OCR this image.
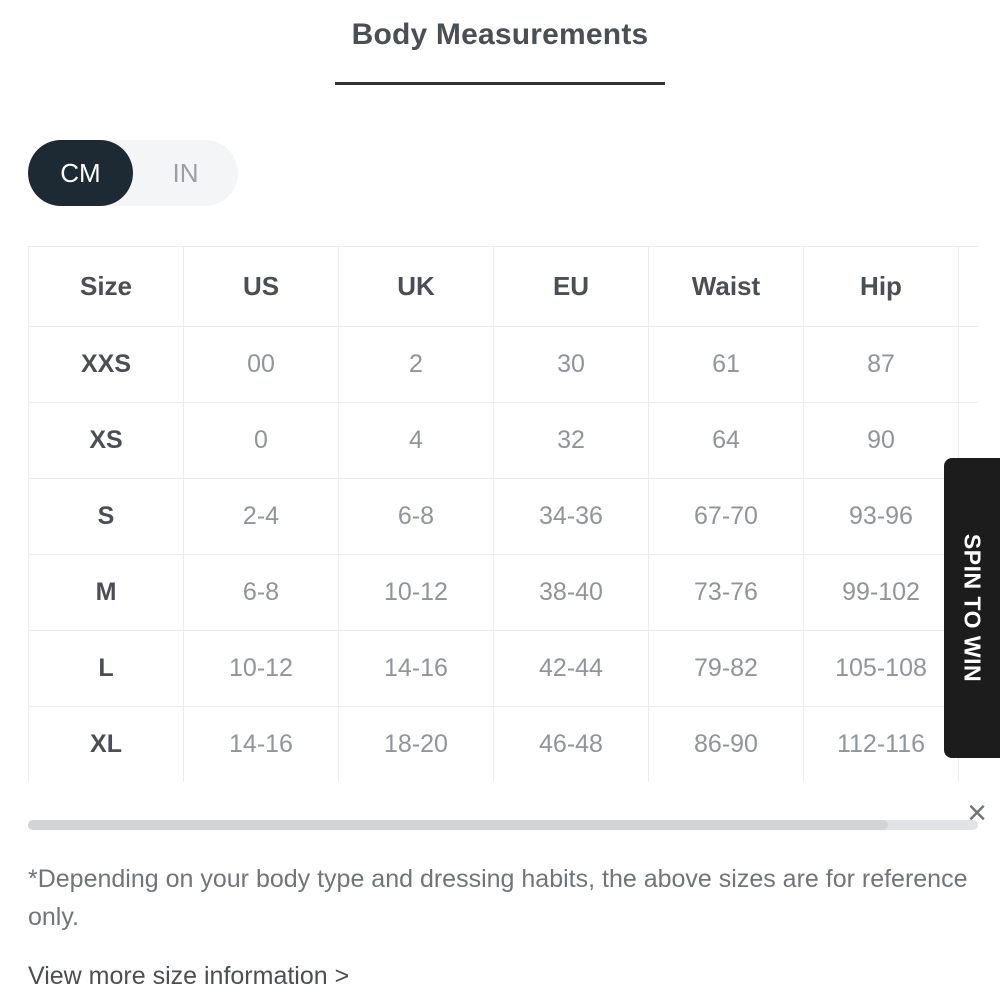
Body Measurements
CM	IN
Size	US	UK	EU	Waist	Hip	
XXS	00	2	30	61	87	
XS	0	4	32	64	90	
S	2-4	6-8	34-36	67-70	93-96	
M	6-8	10-12	38-40	73-76	99-102	
L	10-12	14-16	42-44	79-82	105-108	
XL	14-16	18-20	46-48	86-90	112-116	
*Depending on your body type and dressing habits, the above sizes are for reference only.
View more size information >
SPIN TO WIN
×
